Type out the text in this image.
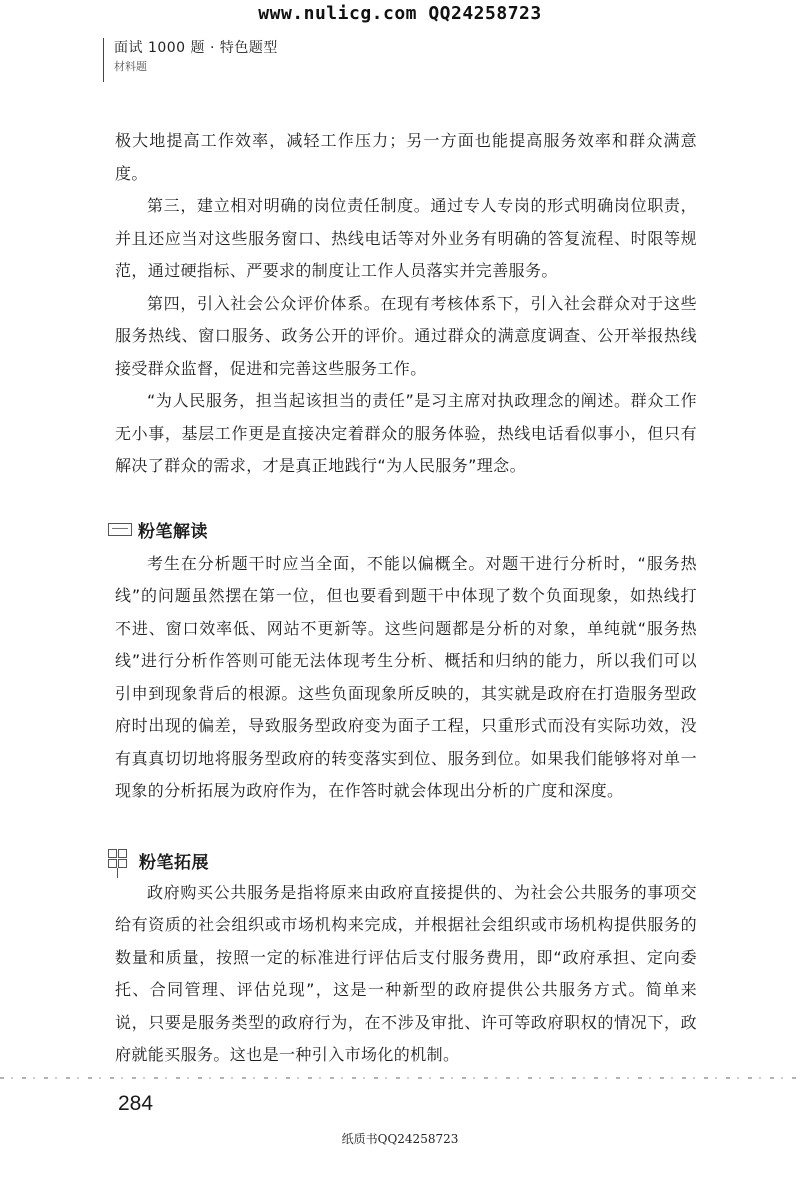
www.nulicg.com QQ24258723
面试 1000 题 · 特色题型
材料题

极大地提高工作效率，减轻工作压力；另一方面也能提高服务效率和群众满意度。

第三，建立相对明确的岗位责任制度。通过专人专岗的形式明确岗位职责，并且还应当对这些服务窗口、热线电话等对外业务有明确的答复流程、时限等规范，通过硬指标、严要求的制度让工作人员落实并完善服务。

第四，引入社会公众评价体系。在现有考核体系下，引入社会群众对于这些服务热线、窗口服务、政务公开的评价。通过群众的满意度调查、公开举报热线接受群众监督，促进和完善这些服务工作。

“为人民服务，担当起该担当的责任”是习主席对执政理念的阐述。群众工作无小事，基层工作更是直接决定着群众的服务体验，热线电话看似事小，但只有解决了群众的需求，才是真正地践行“为人民服务”理念。

粉笔解读

考生在分析题干时应当全面，不能以偏概全。对题干进行分析时，“服务热线”的问题虽然摆在第一位，但也要看到题干中体现了数个负面现象，如热线打不进、窗口效率低、网站不更新等。这些问题都是分析的对象，单纯就“服务热线”进行分析作答则可能无法体现考生分析、概括和归纳的能力，所以我们可以引申到现象背后的根源。这些负面现象所反映的，其实就是政府在打造服务型政府时出现的偏差，导致服务型政府变为面子工程，只重形式而没有实际功效，没有真真切切地将服务型政府的转变落实到位、服务到位。如果我们能够将对单一现象的分析拓展为政府作为，在作答时就会体现出分析的广度和深度。

粉笔拓展

政府购买公共服务是指将原来由政府直接提供的、为社会公共服务的事项交给有资质的社会组织或市场机构来完成，并根据社会组织或市场机构提供服务的数量和质量，按照一定的标准进行评估后支付服务费用，即“政府承担、定向委托、合同管理、评估兑现”，这是一种新型的政府提供公共服务方式。简单来说，只要是服务类型的政府行为，在不涉及审批、许可等政府职权的情况下，政府就能买服务。这也是一种引入市场化的机制。

284
纸质书QQ24258723
